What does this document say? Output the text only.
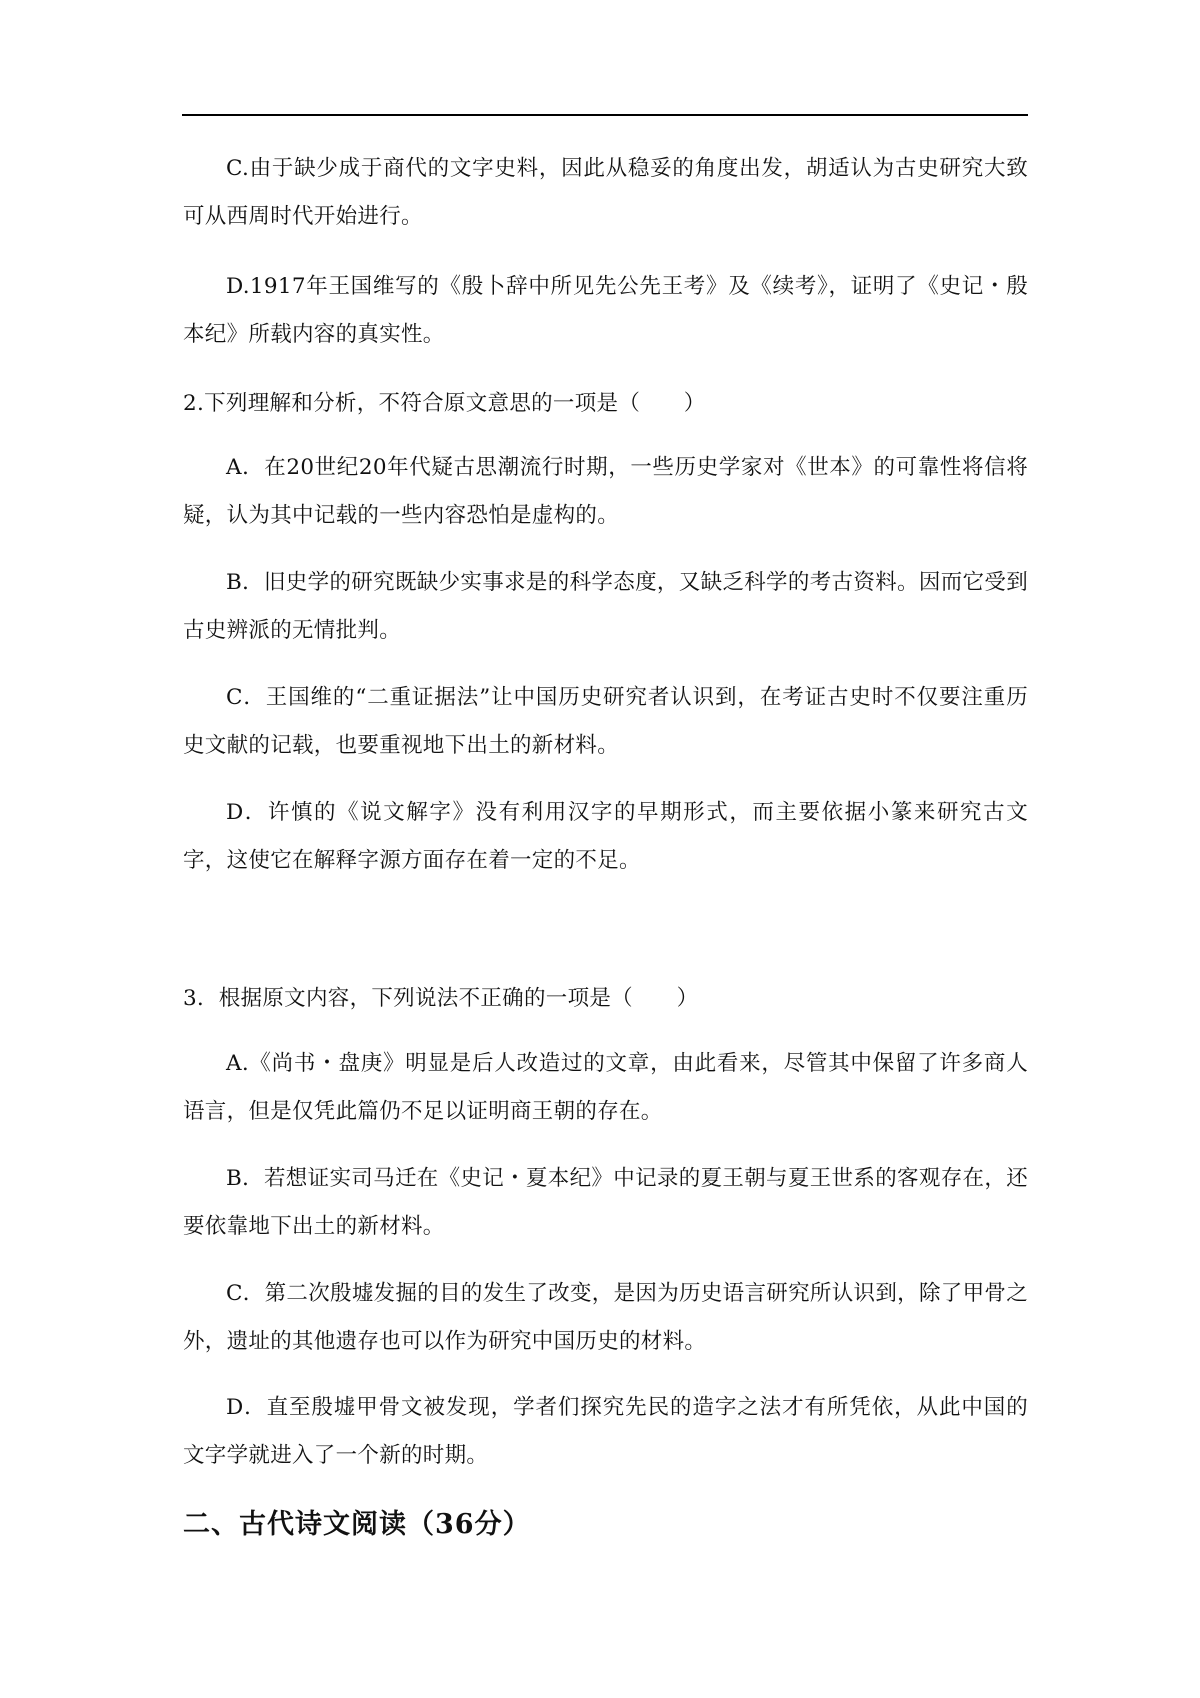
C.由于缺少成于商代的文字史料，因此从稳妥的角度出发，胡适认为古史研究大致可从西周时代开始进行。

D.1917年王国维写的《殷卜辞中所见先公先王考》及《续考》，证明了《史记・殷本纪》所载内容的真实性。

2.下列理解和分析，不符合原文意思的一项是（　　）

A．在20世纪20年代疑古思潮流行时期，一些历史学家对《世本》的可靠性将信将疑，认为其中记载的一些内容恐怕是虚构的。

B．旧史学的研究既缺少实事求是的科学态度，又缺乏科学的考古资料。因而它受到古史辨派的无情批判。

C．王国维的“二重证据法”让中国历史研究者认识到，在考证古史时不仅要注重历史文献的记载，也要重视地下出土的新材料。

D．许慎的《说文解字》没有利用汉字的早期形式，而主要依据小篆来研究古文字，这使它在解释字源方面存在着一定的不足。

3．根据原文内容，下列说法不正确的一项是（　　）

A.《尚书・盘庚》明显是后人改造过的文章，由此看来，尽管其中保留了许多商人语言，但是仅凭此篇仍不足以证明商王朝的存在。

B．若想证实司马迁在《史记・夏本纪》中记录的夏王朝与夏王世系的客观存在，还要依靠地下出土的新材料。

C．第二次殷墟发掘的目的发生了改变，是因为历史语言研究所认识到，除了甲骨之外，遗址的其他遗存也可以作为研究中国历史的材料。

D．直至殷墟甲骨文被发现，学者们探究先民的造字之法才有所凭依，从此中国的文字学就进入了一个新的时期。

二、古代诗文阅读（36分）
